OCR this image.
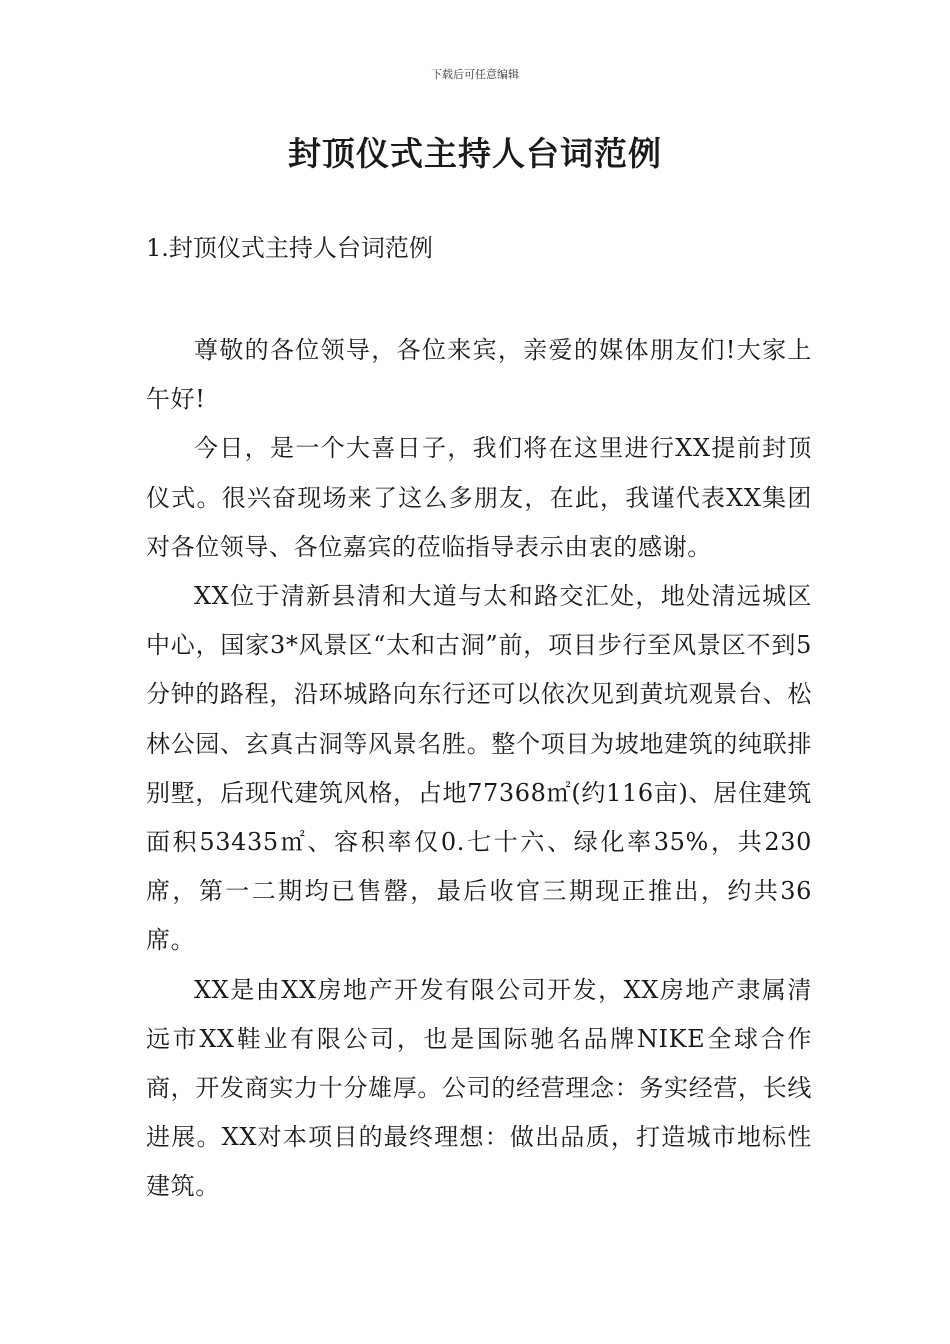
下载后可任意编辑
封顶仪式主持人台词范例
1.封顶仪式主持人台词范例

尊敬的各位领导，各位来宾，亲爱的媒体朋友们!大家上午好!

今日，是一个大喜日子，我们将在这里进行XX提前封顶仪式。很兴奋现场来了这么多朋友，在此，我谨代表XX集团对各位领导、各位嘉宾的莅临指导表示由衷的感谢。

XX位于清新县清和大道与太和路交汇处，地处清远城区中心，国家3*风景区“太和古洞”前，项目步行至风景区不到5分钟的路程，沿环城路向东行还可以依次见到黄坑观景台、松林公园、玄真古洞等风景名胜。整个项目为坡地建筑的纯联排别墅，后现代建筑风格，占地77368㎡(约116亩)、居住建筑面积53435㎡、容积率仅0.七十六、绿化率35%，共230席，第一二期均已售罄，最后收官三期现正推出，约共36席。

XX是由XX房地产开发有限公司开发，XX房地产隶属清远市XX鞋业有限公司，也是国际驰名品牌NIKE全球合作商，开发商实力十分雄厚。公司的经营理念：务实经营，长线进展。XX对本项目的最终理想：做出品质，打造城市地标性建筑。
